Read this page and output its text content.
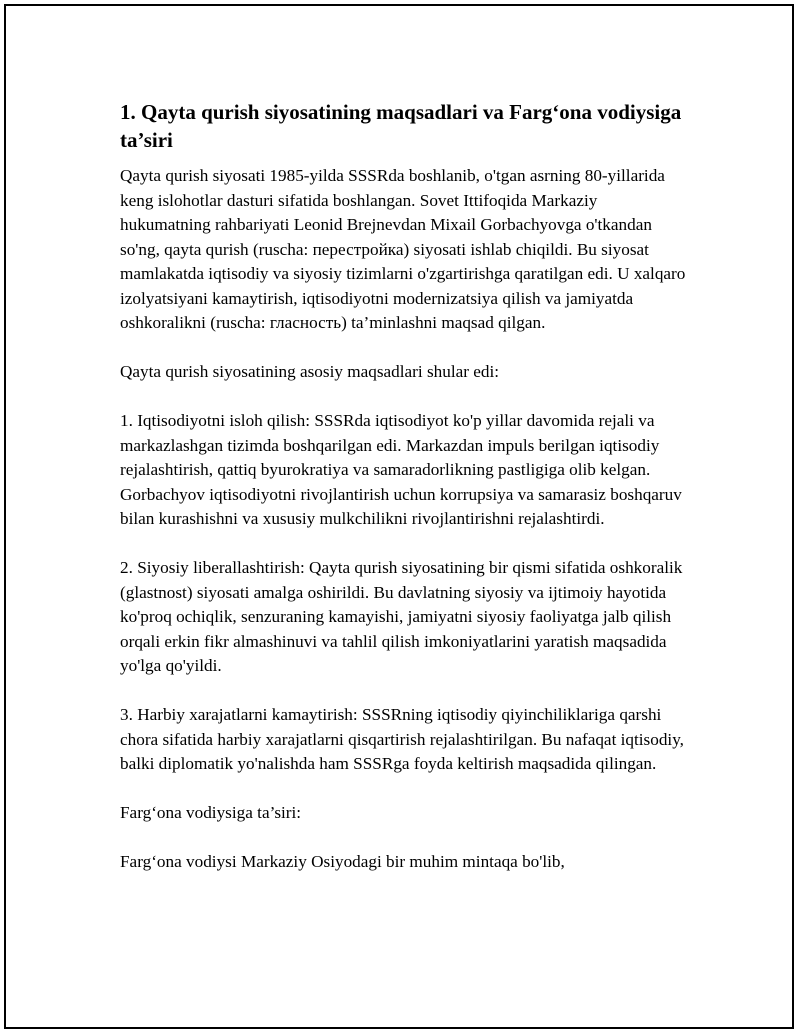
1. Qayta qurish siyosatining maqsadlari va Farg‘ona vodiysiga ta’siri

Qayta qurish siyosati 1985-yilda SSSRda boshlanib, o'tgan asrning 80-yillarida keng islohotlar dasturi sifatida boshlangan. Sovet Ittifoqida Markaziy hukumatning rahbariyati Leonid Brejnevdan Mixail Gorbachyovga o'tkandan so'ng, qayta qurish (ruscha: перестройка) siyosati ishlab chiqildi. Bu siyosat mamlakatda iqtisodiy va siyosiy tizimlarni o'zgartirishga qaratilgan edi. U xalqaro izolyatsiyani kamaytirish, iqtisodiyotni modernizatsiya qilish va jamiyatda oshkoralikni (ruscha: гласность) ta’minlashni maqsad qilgan.

Qayta qurish siyosatining asosiy maqsadlari shular edi:

1. Iqtisodiyotni isloh qilish: SSSRda iqtisodiyot ko'p yillar davomida rejali va markazlashgan tizimda boshqarilgan edi. Markazdan impuls berilgan iqtisodiy rejalashtirish, qattiq byurokratiya va samaradorlikning pastligiga olib kelgan. Gorbachyov iqtisodiyotni rivojlantirish uchun korrupsiya va samarasiz boshqaruv bilan kurashishni va xususiy mulkchilikni rivojlantirishni rejalashtirdi.

2. Siyosiy liberallashtirish: Qayta qurish siyosatining bir qismi sifatida oshkoralik (glastnost) siyosati amalga oshirildi. Bu davlatning siyosiy va ijtimoiy hayotida ko'proq ochiqlik, senzuraning kamayishi, jamiyatni siyosiy faoliyatga jalb qilish orqali erkin fikr almashinuvi va tahlil qilish imkoniyatlarini yaratish maqsadida yo'lga qo'yildi.

3. Harbiy xarajatlarni kamaytirish: SSSRning iqtisodiy qiyinchiliklariga qarshi chora sifatida harbiy xarajatlarni qisqartirish rejalashtirilgan. Bu nafaqat iqtisodiy, balki diplomatik yo'nalishda ham SSSRga foyda keltirish maqsadida qilingan.

Farg‘ona vodiysiga ta’siri:

Farg‘ona vodiysi Markaziy Osiyodagi bir muhim mintaqa bo'lib,
